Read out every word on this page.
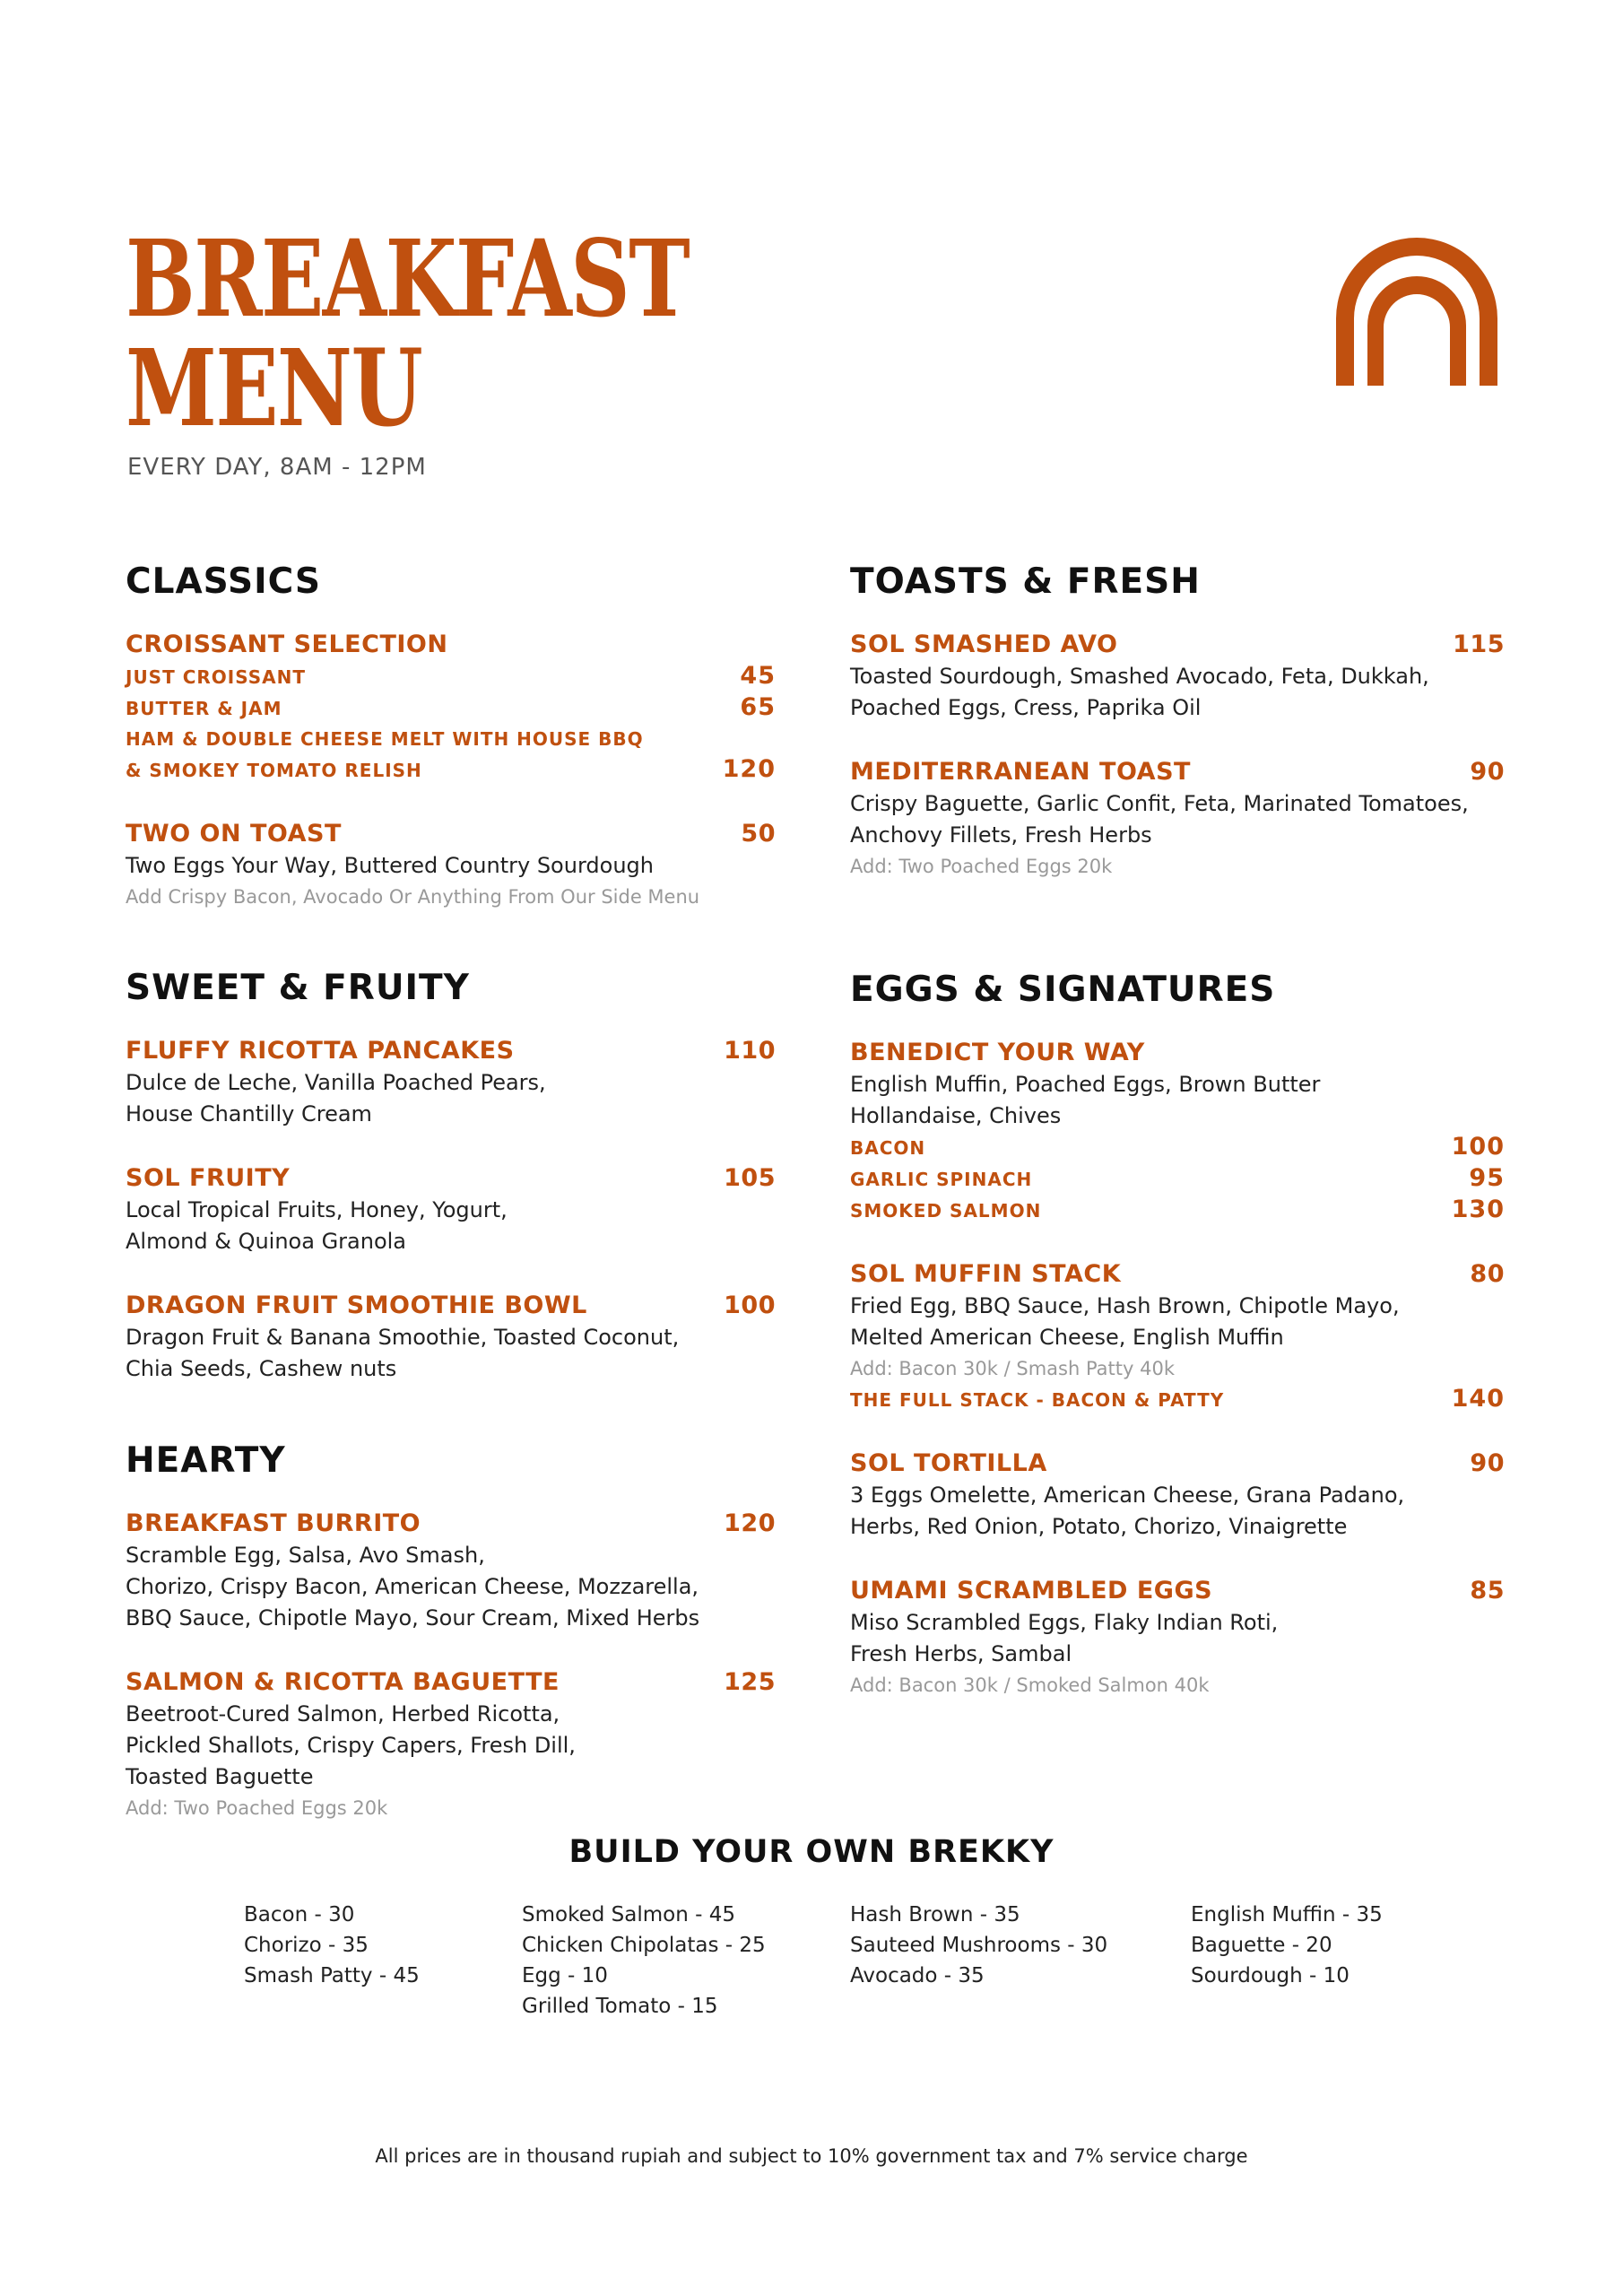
BREAKFAST
MENU
EVERY DAY, 8AM - 12PM
CLASSICS
CROISSANT SELECTION
JUST CROISSANT	45
BUTTER & JAM	65
HAM & DOUBLE CHEESE MELT WITH HOUSE BBQ
& SMOKEY TOMATO RELISH	120
TWO ON TOAST	50
Two Eggs Your Way, Buttered Country Sourdough
Add Crispy Bacon, Avocado Or Anything From Our Side Menu
SWEET & FRUITY
FLUFFY RICOTTA PANCAKES	110
Dulce de Leche, Vanilla Poached Pears,
House Chantilly Cream
SOL FRUITY	105
Local Tropical Fruits, Honey, Yogurt,
Almond & Quinoa Granola
DRAGON FRUIT SMOOTHIE BOWL	100
Dragon Fruit & Banana Smoothie, Toasted Coconut,
Chia Seeds, Cashew nuts
HEARTY
BREAKFAST BURRITO	120
Scramble Egg, Salsa, Avo Smash,
Chorizo, Crispy Bacon, American Cheese, Mozzarella,
BBQ Sauce, Chipotle Mayo, Sour Cream, Mixed Herbs
SALMON & RICOTTA BAGUETTE	125
Beetroot-Cured Salmon, Herbed Ricotta,
Pickled Shallots, Crispy Capers, Fresh Dill,
Toasted Baguette
Add: Two Poached Eggs 20k
TOASTS & FRESH
SOL SMASHED AVO	115
Toasted Sourdough, Smashed Avocado, Feta, Dukkah,
Poached Eggs, Cress, Paprika Oil
MEDITERRANEAN TOAST	90
Crispy Baguette, Garlic Confit, Feta, Marinated Tomatoes,
Anchovy Fillets, Fresh Herbs
Add: Two Poached Eggs 20k
EGGS & SIGNATURES
BENEDICT YOUR WAY
English Muffin, Poached Eggs, Brown Butter
Hollandaise, Chives
BACON	100
GARLIC SPINACH	95
SMOKED SALMON	130
SOL MUFFIN STACK	80
Fried Egg, BBQ Sauce, Hash Brown, Chipotle Mayo,
Melted American Cheese, English Muffin
Add: Bacon 30k / Smash Patty 40k
THE FULL STACK - BACON & PATTY	140
SOL TORTILLA	90
3 Eggs Omelette, American Cheese, Grana Padano,
Herbs, Red Onion, Potato, Chorizo, Vinaigrette
UMAMI SCRAMBLED EGGS	85
Miso Scrambled Eggs, Flaky Indian Roti,
Fresh Herbs, Sambal
Add: Bacon 30k / Smoked Salmon 40k
BUILD YOUR OWN BREKKY
Bacon - 30
Chorizo - 35
Smash Patty - 45
Smoked Salmon - 45
Chicken Chipolatas - 25
Egg - 10
Grilled Tomato - 15
Hash Brown - 35
Sauteed Mushrooms - 30
Avocado - 35
English Muffin - 35
Baguette - 20
Sourdough - 10
All prices are in thousand rupiah and subject to 10% government tax and 7% service charge
